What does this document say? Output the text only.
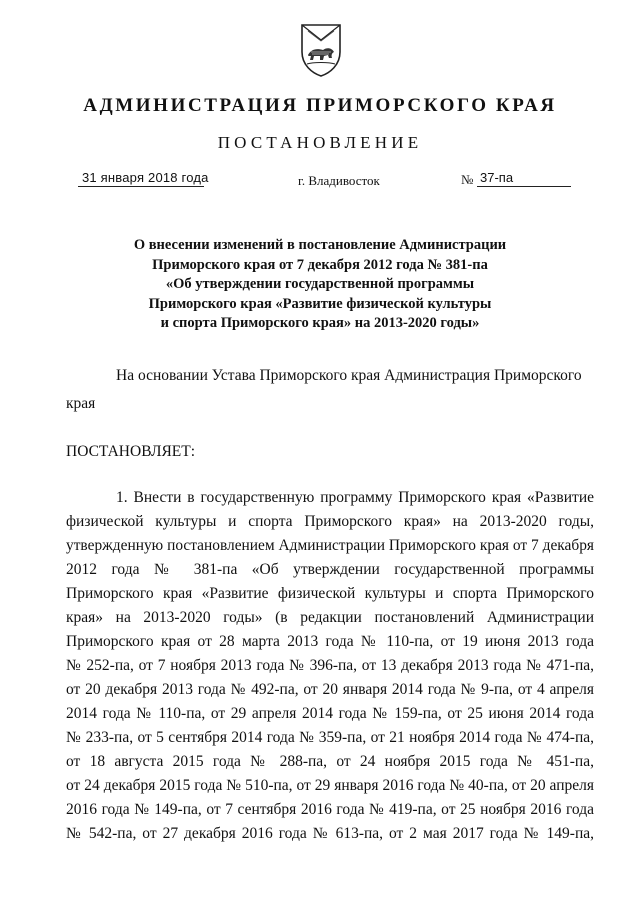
АДМИНИСТРАЦИЯ ПРИМОРСКОГО КРАЯ
ПОСТАНОВЛЕНИЕ
31 января 2018 года	г. Владивосток	№ 37-па
О внесении изменений в постановление Администрации
Приморского края от 7 декабря 2012 года № 381-па
«Об утверждении государственной программы
Приморского края «Развитие физической культуры
и спорта Приморского края» на 2013-2020 годы»
На основании Устава Приморского края Администрация Приморского
края
ПОСТАНОВЛЯЕТ:
1. Внести в государственную программу Приморского края «Развитие
физической культуры и спорта Приморского края» на 2013-2020 годы,
утвержденную постановлением Администрации Приморского края от 7 декабря
2012 года № 381-па «Об утверждении государственной программы
Приморского края «Развитие физической культуры и спорта Приморского
края» на 2013-2020 годы» (в редакции постановлений Администрации
Приморского края от 28 марта 2013 года № 110-па, от 19 июня 2013 года
№ 252-па, от 7 ноября 2013 года № 396-па, от 13 декабря 2013 года № 471-па,
от 20 декабря 2013 года № 492-па, от 20 января 2014 года № 9-па, от 4 апреля
2014 года № 110-па, от 29 апреля 2014 года № 159-па, от 25 июня 2014 года
№ 233-па, от 5 сентября 2014 года № 359-па, от 21 ноября 2014 года № 474-па,
от 18 августа 2015 года № 288-па, от 24 ноября 2015 года № 451-па,
от 24 декабря 2015 года № 510-па, от 29 января 2016 года № 40-па, от 20 апреля
2016 года № 149-па, от 7 сентября 2016 года № 419-па, от 25 ноября 2016 года
№ 542-па, от 27 декабря 2016 года № 613-па, от 2 мая 2017 года № 149-па,
